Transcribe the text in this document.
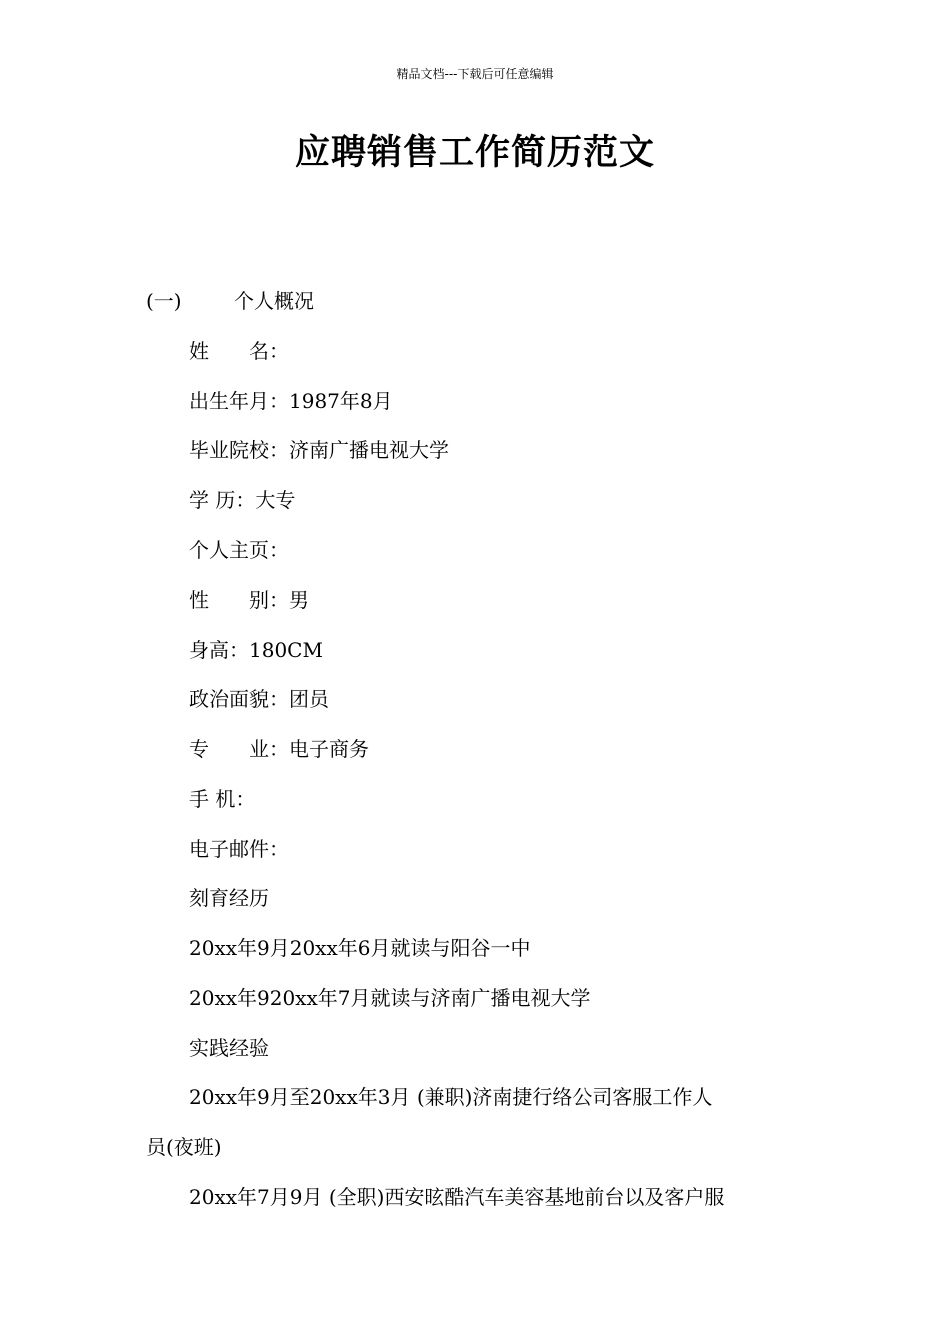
精品文档---下载后可任意编辑
应聘销售工作简历范文
(一)	个人概况
姓　　名：
出生年月：1987年8月
毕业院校：济南广播电视大学
学 历：大专
个人主页：
性　　别：男
身高：180CM
政治面貌：团员
专　　业：电子商务
手 机：
电子邮件：
刻育经历
20xx年9月20xx年6月就读与阳谷一中
20xx年920xx年7月就读与济南广播电视大学
实践经验
20xx年9月至20xx年3月 (兼职)济南捷行络公司客服工作人
员(夜班)
20xx年7月9月 (全职)西安昡酷汽车美容基地前台以及客户服
